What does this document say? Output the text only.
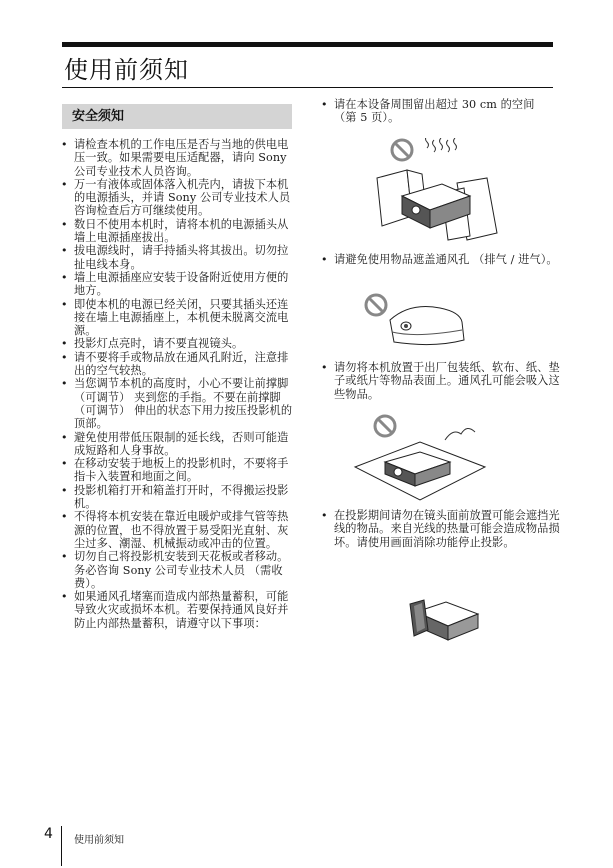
使用前须知
安全须知
• 请检查本机的工作电压是否与当地的供电电压一致。如果需要电压适配器，请向 Sony 公司专业技术人员咨询。
• 万一有液体或固体落入机壳内，请拔下本机的电源插头，并请 Sony 公司专业技术人员咨询检查后方可继续使用。
• 数日不使用本机时，请将本机的电源插头从墙上电源插座拔出。
• 拔电源线时，请手持插头将其拔出。切勿拉扯电线本身。
• 墙上电源插座应安装于设备附近使用方便的地方。
• 即使本机的电源已经关闭，只要其插头还连接在墙上电源插座上，本机便未脱离交流电源。
• 投影灯点亮时，请不要直视镜头。
• 请不要将手或物品放在通风孔附近，注意排出的空气较热。
• 当您调节本机的高度时，小心不要让前撑脚 （可调节） 夹到您的手指。不要在前撑脚 （可调节） 伸出的状态下用力按压投影机的顶部。
• 避免使用带低压限制的延长线，否则可能造成短路和人身事故。
• 在移动安装于地板上的投影机时，不要将手指卡入装置和地面之间。
• 投影机箱打开和箱盖打开时，不得搬运投影机。
• 不得将本机安装在靠近电暖炉或排气管等热源的位置，也不得放置于易受阳光直射、灰尘过多、潮湿、机械振动或冲击的位置。
• 切勿自己将投影机安装到天花板或者移动。务必咨询 Sony 公司专业技术人员 （需收费）。
• 如果通风孔堵塞而造成内部热量蓄积，可能导致火灾或损坏本机。若要保持通风良好并防止内部热量蓄积，请遵守以下事项：
• 请在本设备周围留出超过 30 cm 的空间 （第 5 页）。
• 请避免使用物品遮盖通风孔 （排气 / 进气）。
• 请勿将本机放置于出厂包装纸、软布、纸、垫子或纸片等物品表面上。通风孔可能会吸入这些物品。
• 在投影期间请勿在镜头面前放置可能会遮挡光线的物品。来自光线的热量可能会造成物品损坏。请使用画面消除功能停止投影。
4 使用前须知
